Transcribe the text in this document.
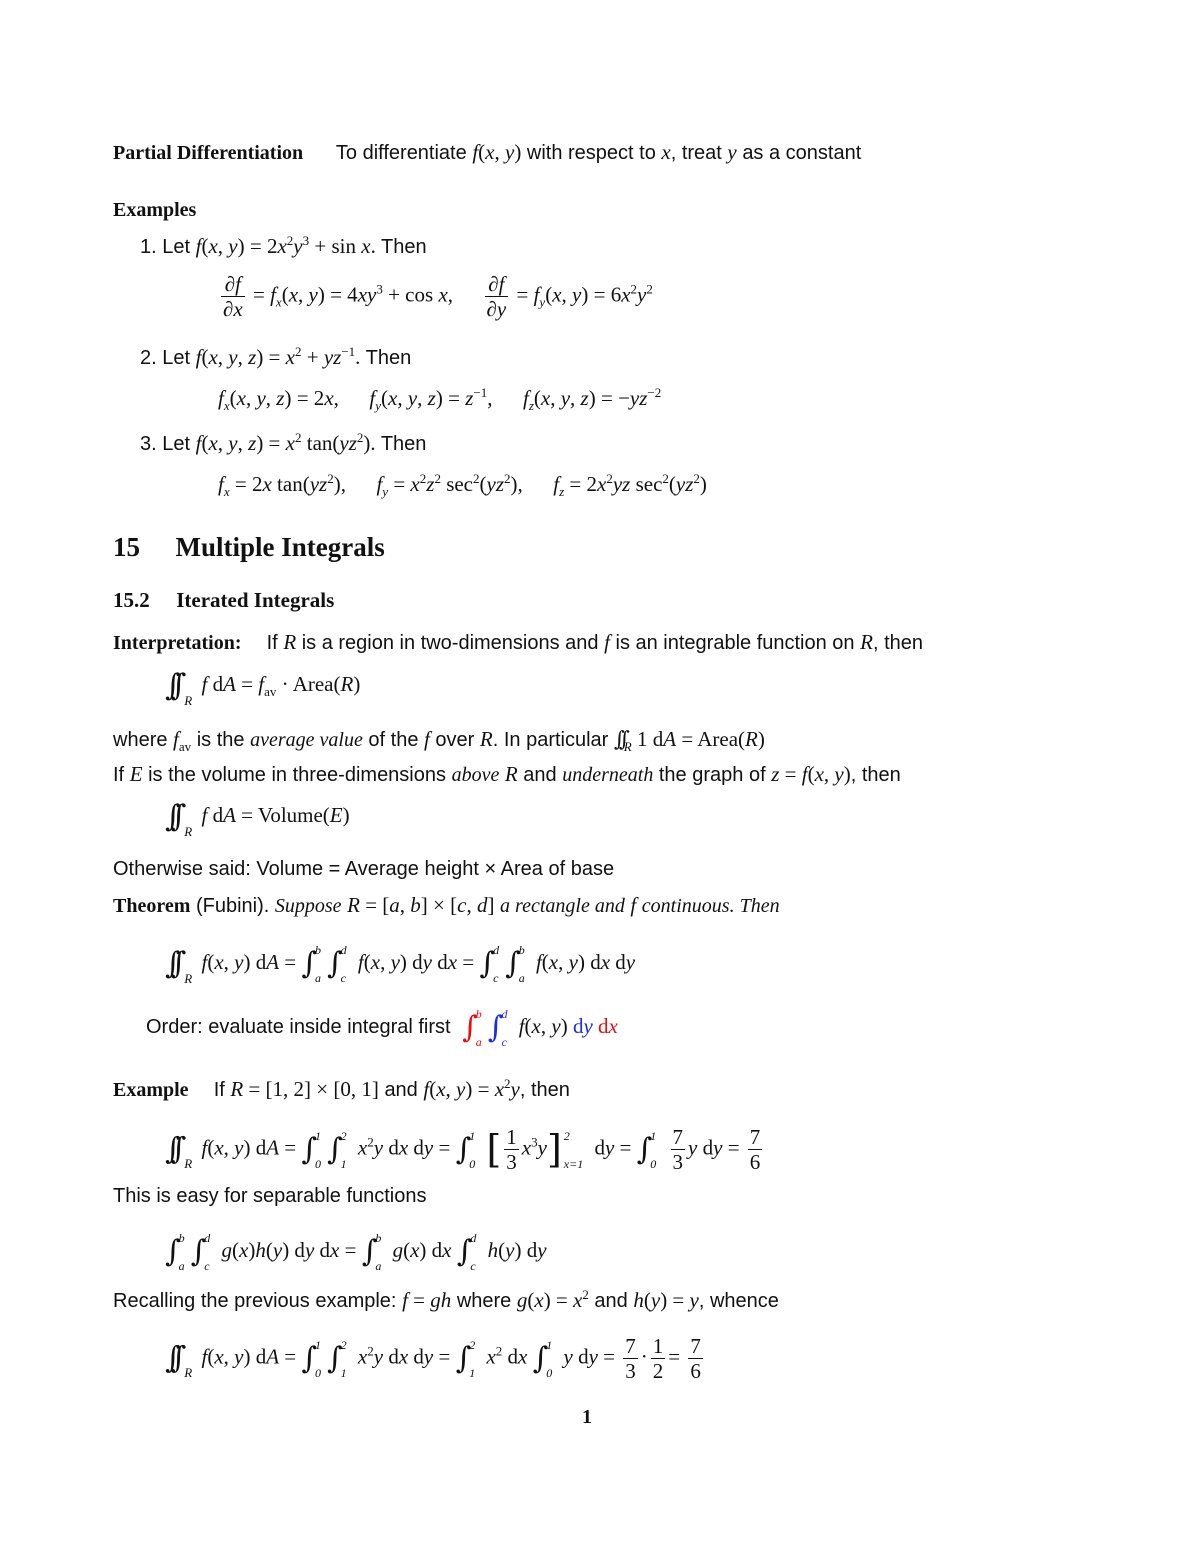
Partial Differentiation To differentiate f(x, y) with respect to x, treat y as a constant
Examples
1. Let f(x, $y) = 2x^2y^3 + \sin x$. Then
$\frac{\partial f}{\partial x} = f_x(x$, $y) = 4xy^3 + \cos x$, $\frac{\partial f}{\partial y} = f_y(x$, $y) = 6x^2y^2$
2. Let f(x, y, $z) = x^2 + yz^{-1}$. Then
$f_x(x$, y, z) = 2x,  $f_y(x$, y, $z) = z^{-1}$,  $f_z(x$, y, $z) = -yz^{-2}$
3. Let f(x, y, $z) = x^2$ $\tan(yz^2)$. Then
$f_x = 2x$ $\tan(yz^2)$,  $f_y = x^2z^2$ $\sec^2(yz^2)$,  $f_z = 2x^2yz$ $\sec^2(yz^2)$
15 Multiple Integrals
15.2 Iterated Integrals
Interpretation: If R is a region in two-dimensions and f is an integrable function on R, then
∫∫ $_R$ f dA = $f_{av}$ · Area(R)
where $f_{av}$ is the average value of the f over R. In particular $\int\int_R$ 1 dA = Area(R)
If E is the volume in three-dimensions above R and underneath the graph of z = f(x, y), then
∫∫ $_R$ f dA = Volume(E)
Otherwise said: Volume = Average height × Area of base
Theorem (Fubini). Suppose R = [a, b] × [c, d] a rectangle and f continuous. Then
∫∫ $_R$ f(x, y) dA = ∫
b
a ∫
d
c
f(x, y) dy dx = ∫
d
c ∫
b
a
f(x, y) dx dy
Order: evaluate inside integral first ∫
b
a ∫
d
c
f(x, y) dy dx
Example If R = [1, 2] × [0, 1] and f(x, $y) = x^2y$, then
∫∫ $_R$ f(x, y) dA = ∫
1
0 ∫
2
1
$x^2y$ dx dy = ∫
1
0 [ $\frac{1}{3} x^3y$] 2
x=1
dy = ∫
1
0
$\frac{7}{3}$ y dy = $\frac{7}{6}$
This is easy for separable functions
∫
b
a ∫
d
c
g(x)h(y) dy dx = ∫
b
a
g(x) dx ∫
d
c
h(y) dy
Recalling the previous example: f = gh where $g(x) = x^2$ and h(y) = y, whence
∫∫ $_R$ f(x, y) dA = ∫
1
0 ∫
2
1
$x^2y$ dx dy = ∫
2
1
$x^2$ dx ∫
1
0
y dy = $\frac{7}{3} \cdot \frac{1}{2} = \frac{7}{6}$
1
